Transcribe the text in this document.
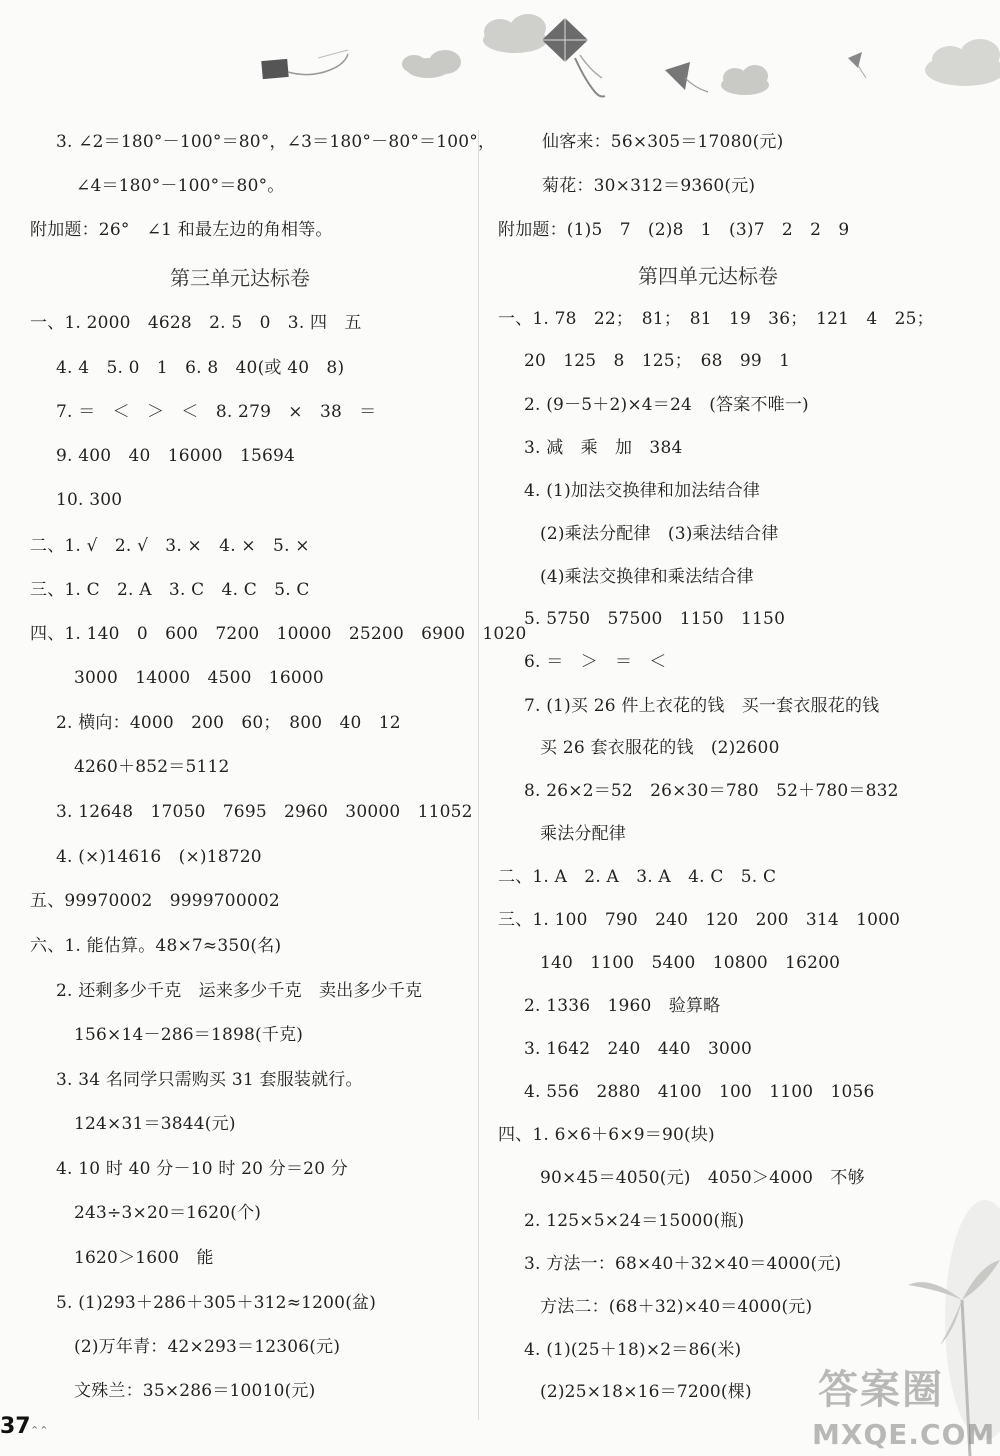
3. ∠2＝180°－100°＝80°，∠3＝180°－80°＝100°，
∠4＝180°－100°＝80°。
附加题：26°　∠1 和最左边的角相等。
第三单元达标卷
一、1. 2000　4628　2. 5　0　3. 四　五
4. 4　5. 0　1　6. 8　40(或 40　8)
7. ＝　＜　＞　＜　8. 279　×　38　＝
9. 400　40　16000　15694
10. 300
二、1. √　2. √　3. ×　4. ×　5. ×
三、1. C　2. A　3. C　4. C　5. C
四、1. 140　0　600　7200　10000　25200　6900　1020
3000　14000　4500　16000
2. 横向：4000　200　60；　800　40　12
4260＋852＝5112
3. 12648　17050　7695　2960　30000　11052
4. (×)14616　(×)18720
五、99970002　9999700002
六、1. 能估算。48×7≈350(名)
2. 还剩多少千克　运来多少千克　卖出多少千克
156×14－286＝1898(千克)
3. 34 名同学只需购买 31 套服装就行。
124×31＝3844(元)
4. 10 时 40 分－10 时 20 分＝20 分
243÷3×20＝1620(个)
1620＞1600　能
5. (1)293＋286＋305＋312≈1200(盆)
(2)万年青：42×293＝12306(元)
文殊兰：35×286＝10010(元)
仙客来：56×305＝17080(元)
菊花：30×312＝9360(元)
附加题：(1)5　7　(2)8　1　(3)7　2　2　9
第四单元达标卷
一、1. 78　22；　81；　81　19　36；　121　4　25；
20　125　8　125；　68　99　1
2. (9－5＋2)×4＝24　(答案不唯一)
3. 减　乘　加　384
4. (1)加法交换律和加法结合律
(2)乘法分配律　(3)乘法结合律
(4)乘法交换律和乘法结合律
5. 5750　57500　1150　1150
6. ＝　＞　＝　＜
7. (1)买 26 件上衣花的钱　买一套衣服花的钱
买 26 套衣服花的钱　(2)2600
8. 26×2＝52　26×30＝780　52＋780＝832
乘法分配律
二、1. A　2. A　3. A　4. C　5. C
三、1. 100　790　240　120　200　314　1000
140　1100　5400　10800　16200
2. 1336　1960　验算略
3. 1642　240　440　3000
4. 556　2880　4100　100　1100　1056
四、1. 6×6＋6×9＝90(块)
90×45＝4050(元)　4050＞4000　不够
2. 125×5×24＝15000(瓶)
3. 方法一：68×40＋32×40＝4000(元)
方法二：(68＋32)×40＝4000(元)
4. (1)(25＋18)×2＝86(米)
(2)25×18×16＝7200(棵)
37 ⌃⌃
答案圈
MXQE.COM
